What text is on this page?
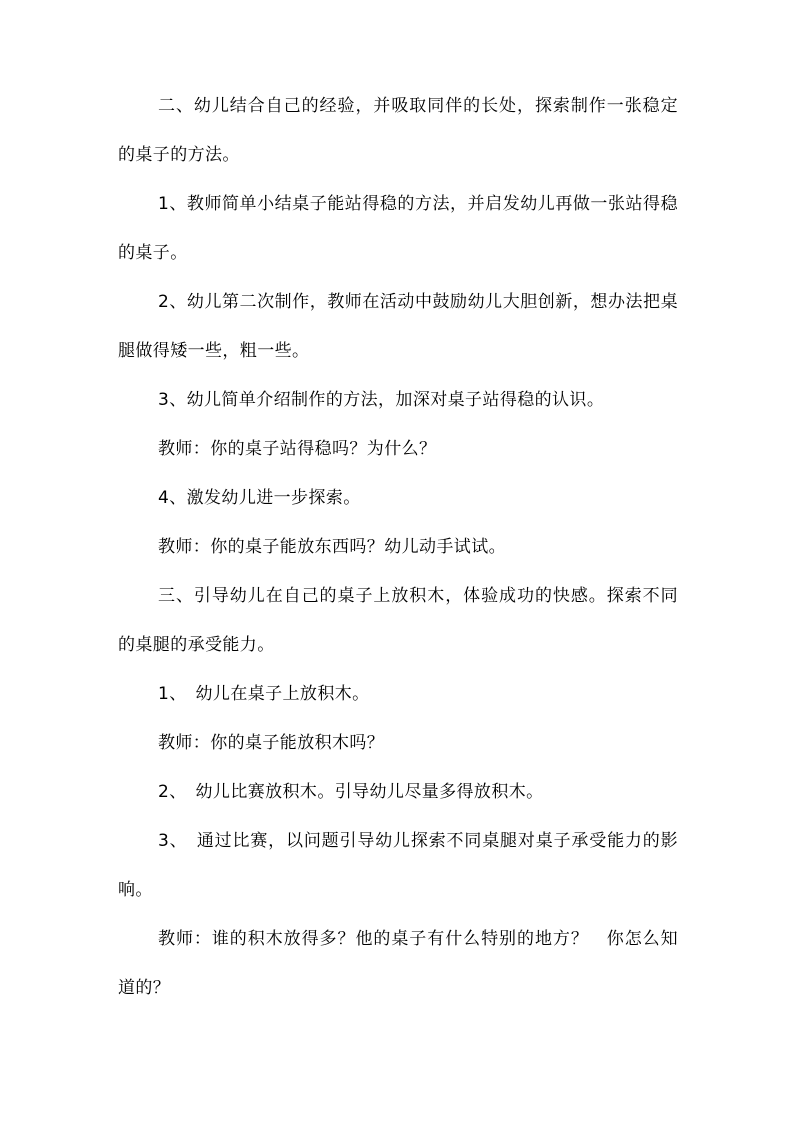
二、幼儿结合自己的经验，并吸取同伴的长处，探索制作一张稳定的桌子的方法。

1、教师简单小结桌子能站得稳的方法，并启发幼儿再做一张站得稳的桌子。

2、幼儿第二次制作，教师在活动中鼓励幼儿大胆创新，想办法把桌腿做得矮一些，粗一些。

3、幼儿简单介绍制作的方法，加深对桌子站得稳的认识。

教师：你的桌子站得稳吗？为什么？

4、激发幼儿进一步探索。

教师：你的桌子能放东西吗？幼儿动手试试。

三、引导幼儿在自己的桌子上放积木，体验成功的快感。探索不同的桌腿的承受能力。

1、　幼儿在桌子上放积木。

教师：你的桌子能放积木吗？

2、　幼儿比赛放积木。引导幼儿尽量多得放积木。

3、　通过比赛，以问题引导幼儿探索不同桌腿对桌子承受能力的影响。

教师：谁的积木放得多？他的桌子有什么特别的地方？　你怎么知道的？
